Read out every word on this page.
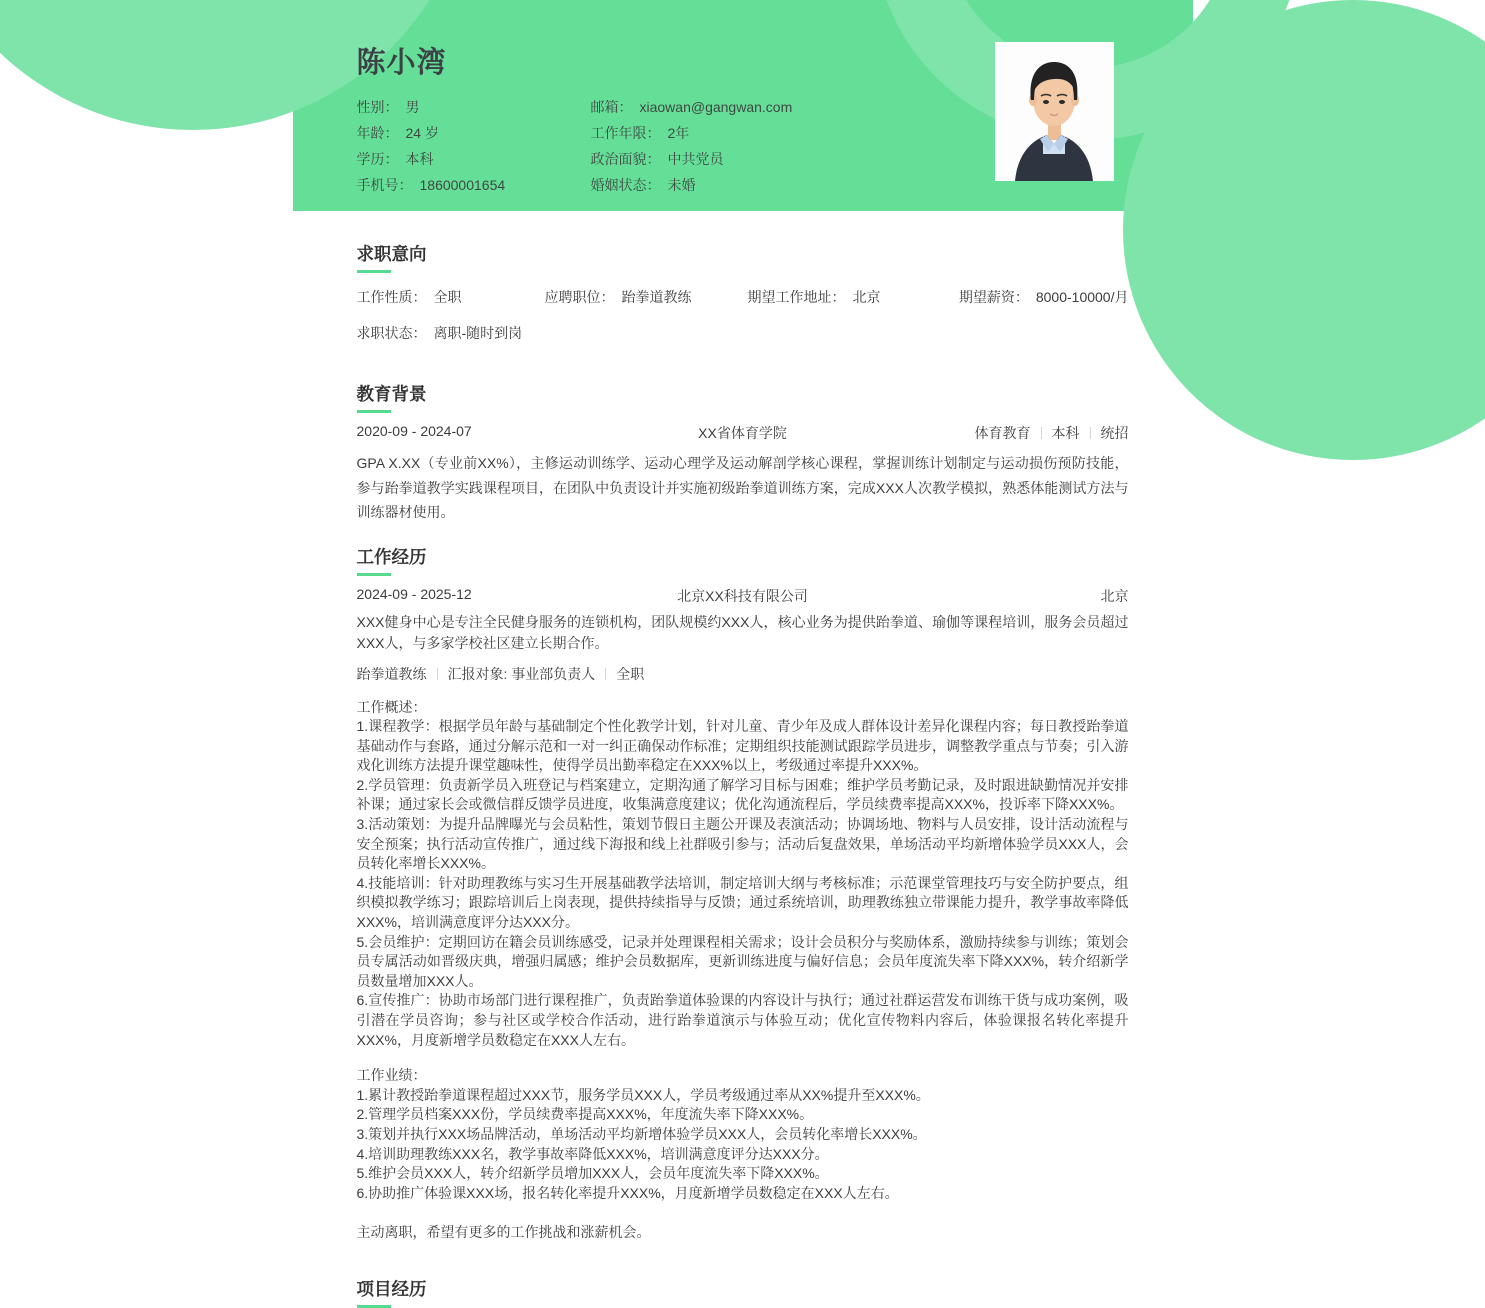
陈小湾
性别： 男
年龄： 24 岁
学历： 本科
手机号： 18600001654
邮箱： xiaowan@gangwan.com
工作年限： 2年
政治面貌： 中共党员
婚姻状态： 未婚
求职意向
工作性质： 全职	应聘职位： 跆拳道教练	期望工作地址： 北京	期望薪资： 8000-10000/月
求职状态： 离职-随时到岗
教育背景
2020-09 - 2024-07	XX省体育学院	体育教育 本科 统招

GPA X.XX（专业前XX%），主修运动训练学、运动心理学及运动解剖学核心课程，掌握训练计划制定与运动损伤预防技能，参与跆拳道教学实践课程项目，在团队中负责设计并实施初级跆拳道训练方案，完成XXX人次教学模拟，熟悉体能测试方法与训练器材使用。

工作经历
2024-09 - 2025-12	北京XX科技有限公司	北京

XXX健身中心是专注全民健身服务的连锁机构，团队规模约XXX人，核心业务为提供跆拳道、瑜伽等课程培训，服务会员超过XXX人，与多家学校社区建立长期合作。

跆拳道教练 汇报对象: 事业部负责人 全职

工作概述：

1.课程教学：根据学员年龄与基础制定个性化教学计划，针对儿童、青少年及成人群体设计差异化课程内容；每日教授跆拳道基础动作与套路，通过分解示范和一对一纠正确保动作标准；定期组织技能测试跟踪学员进步，调整教学重点与节奏；引入游戏化训练方法提升课堂趣味性，使得学员出勤率稳定在XXX%以上，考级通过率提升XXX%。

2.学员管理：负责新学员入班登记与档案建立，定期沟通了解学习目标与困难；维护学员考勤记录，及时跟进缺勤情况并安排补课；通过家长会或微信群反馈学员进度，收集满意度建议；优化沟通流程后，学员续费率提高XXX%，投诉率下降XXX%。

3.活动策划：为提升品牌曝光与会员粘性，策划节假日主题公开课及表演活动；协调场地、物料与人员安排，设计活动流程与安全预案；执行活动宣传推广，通过线下海报和线上社群吸引参与；活动后复盘效果，单场活动平均新增体验学员XXX人，会员转化率增长XXX%。

4.技能培训：针对助理教练与实习生开展基础教学法培训，制定培训大纲与考核标准；示范课堂管理技巧与安全防护要点，组织模拟教学练习；跟踪培训后上岗表现，提供持续指导与反馈；通过系统培训，助理教练独立带课能力提升，教学事故率降低XXX%，培训满意度评分达XXX分。

5.会员维护：定期回访在籍会员训练感受，记录并处理课程相关需求；设计会员积分与奖励体系，激励持续参与训练；策划会员专属活动如晋级庆典，增强归属感；维护会员数据库，更新训练进度与偏好信息；会员年度流失率下降XXX%，转介绍新学员数量增加XXX人。

6.宣传推广：协助市场部门进行课程推广，负责跆拳道体验课的内容设计与执行；通过社群运营发布训练干货与成功案例，吸引潜在学员咨询；参与社区或学校合作活动，进行跆拳道演示与体验互动；优化宣传物料内容后，体验课报名转化率提升XXX%，月度新增学员数稳定在XXX人左右。

工作业绩：

1.累计教授跆拳道课程超过XXX节，服务学员XXX人，学员考级通过率从XX%提升至XXX%。

2.管理学员档案XXX份，学员续费率提高XXX%，年度流失率下降XXX%。

3.策划并执行XXX场品牌活动，单场活动平均新增体验学员XXX人，会员转化率增长XXX%。

4.培训助理教练XXX名，教学事故率降低XXX%，培训满意度评分达XXX分。

5.维护会员XXX人，转介绍新学员增加XXX人，会员年度流失率下降XXX%。

6.协助推广体验课XXX场，报名转化率提升XXX%，月度新增学员数稳定在XXX人左右。

主动离职，希望有更多的工作挑战和涨薪机会。

项目经历
